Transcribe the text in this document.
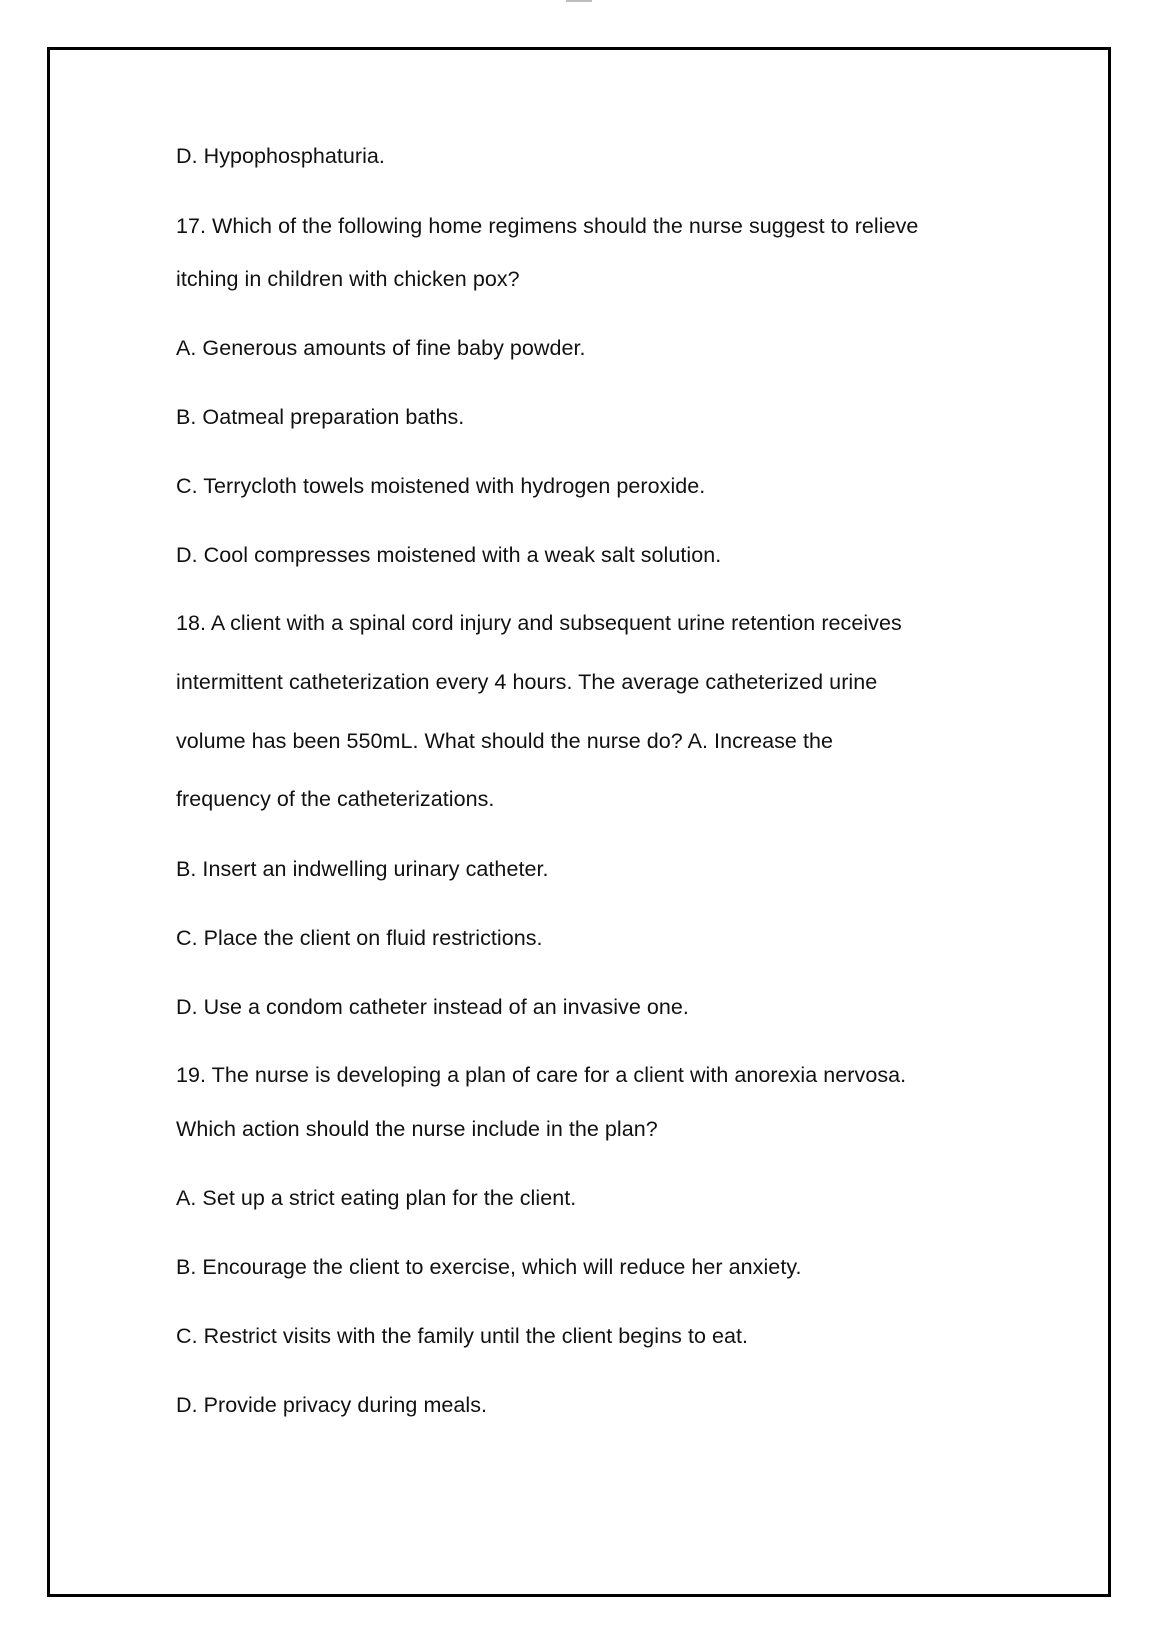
D. Hypophosphaturia.

17. Which of the following home regimens should the nurse suggest to relieve

itching in children with chicken pox?

A. Generous amounts of fine baby powder.

B. Oatmeal preparation baths.

C. Terrycloth towels moistened with hydrogen peroxide.

D. Cool compresses moistened with a weak salt solution.

18. A client with a spinal cord injury and subsequent urine retention receives

intermittent catheterization every 4 hours. The average catheterized urine

volume has been 550mL. What should the nurse do? A. Increase the

frequency of the catheterizations.

B. Insert an indwelling urinary catheter.

C. Place the client on fluid restrictions.

D. Use a condom catheter instead of an invasive one.

19. The nurse is developing a plan of care for a client with anorexia nervosa.

Which action should the nurse include in the plan?

A. Set up a strict eating plan for the client.

B. Encourage the client to exercise, which will reduce her anxiety.

C. Restrict visits with the family until the client begins to eat.

D. Provide privacy during meals.
